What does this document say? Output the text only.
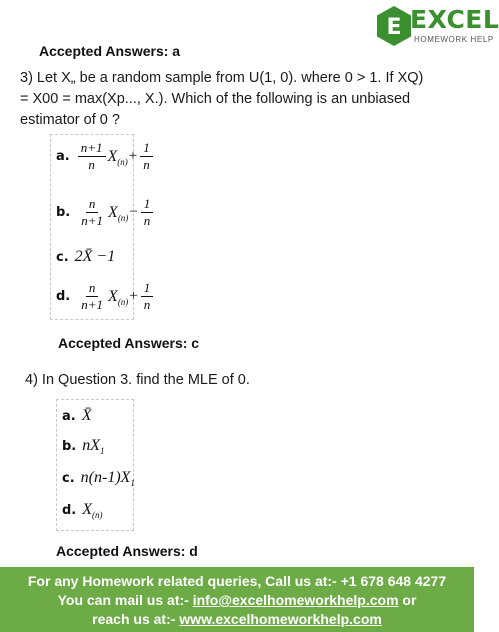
E EXCEL
HOMEWORK HELP
Accepted Answers: a
3) Let X„ be a random sample from U(1, 0). where 0 > 1. If XQ)
= X00 = max(Xp..., X.). Which of the following is an unbiased
estimator of 0 ?
a. $\frac{n+1}{n}$ X $(n) + \frac{1}{n}$
b. $\frac{n}{n+1}$ X $(n) - \frac{1}{n}$
c. 2X̄ −1
d. $\frac{n}{n+1}$ X $(n) + \frac{1}{n}$
Accepted Answers: c
4) In Question 3. find the MLE of 0.
a. X̄
b. nX 1
c. n(n-1)X 1
d. X (n)
Accepted Answers: d
For any Homework related queries, Call us at:- +1 678 648 4277
You can mail us at:- info@excelhomeworkhelp.com or
reach us at:- www.excelhomeworkhelp.com
